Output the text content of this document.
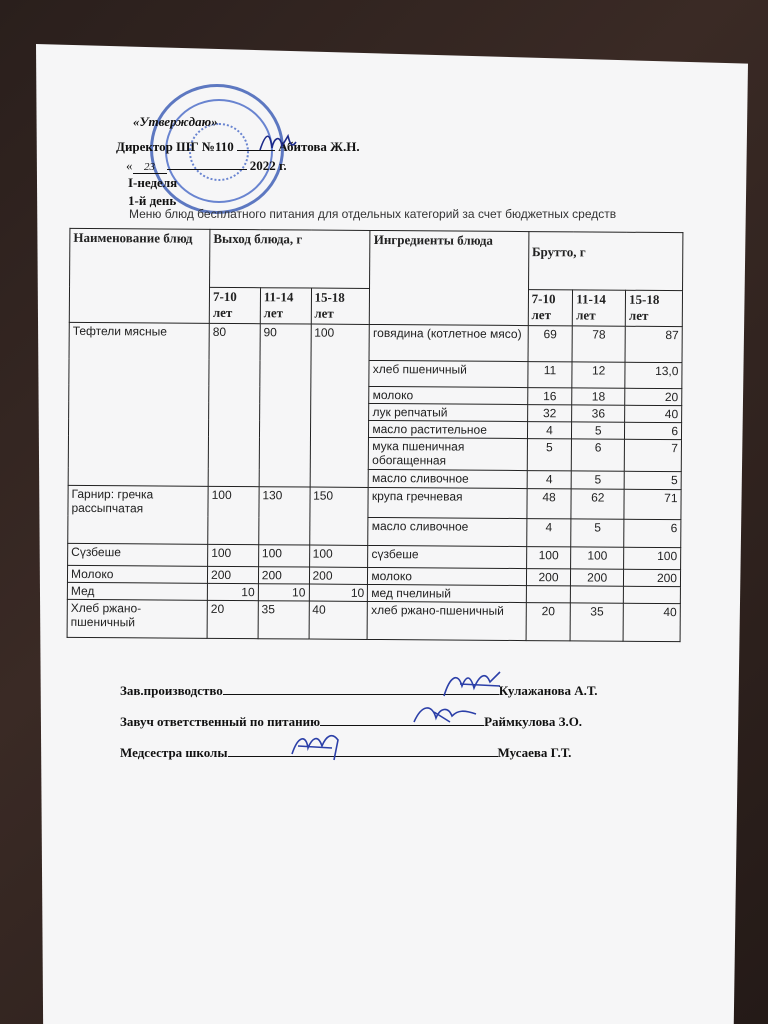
«Утверждаю»
Директор ШГ №110	Абитова Ж.Н.
« 23	2022 г.
I-неделя
1-й день
Меню блюд бесплатного питания для отдельных категорий за счет бюджетных средств
Наименование блюд	Выход блюда, г			Ингредиенты блюда	Брутто, г		
	7-10 лет	11-14 лет	15-18 лет		7-10 лет	11-14 лет	15-18 лет
Тефтели мясные	80	90	100	говядина (котлетное мясо)	69	78	87
				хлеб пшеничный	11	12	13,0
				молоко	16	18	20
				лук репчатый	32	36	40
				масло растительное	4	5	6
				мука пшеничная обогащенная	5	6	7
				масло сливочное	4	5	5
Гарнир: гречка рассыпчатая	100	130	150	крупа гречневая	48	62	71
				масло сливочное	4	5	6
Сүзбеше	100	100	100	сүзбеше	100	100	100
Молоко	200	200	200	молоко	200	200	200
Мед	10	10	10	мед пчелиный			
Хлеб ржано-пшеничный	20	35	40	хлеб ржано-пшеничный	20	35	40
Зав.производство	Кулажанова А.Т.
Завуч ответственный по питанию	Раймкулова З.О.
Медсестра школы	Мусаева Г.Т.
